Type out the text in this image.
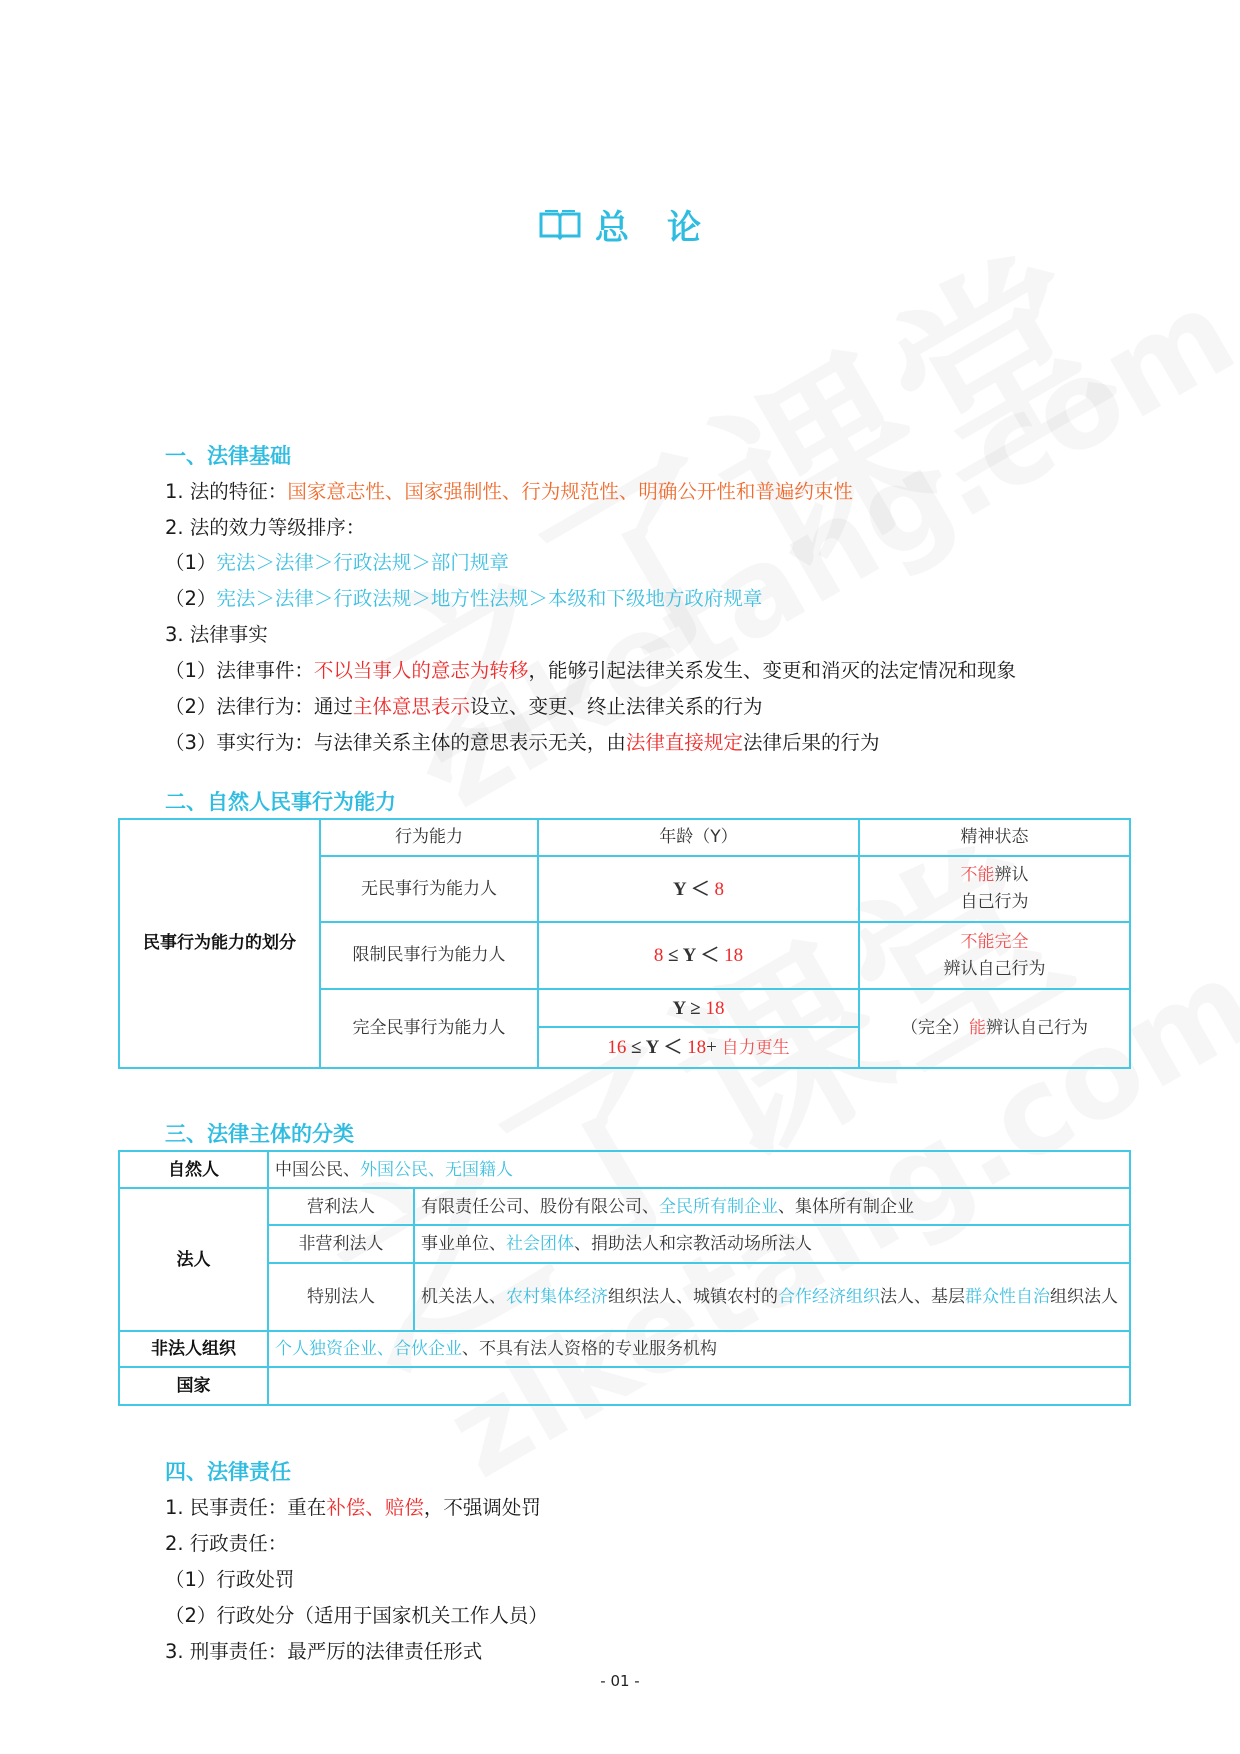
总论
一、法律基础
1. 法的特征：国家意志性、国家强制性、行为规范性、明确公开性和普遍约束性
2. 法的效力等级排序：
（1）宪法＞法律＞行政法规＞部门规章
（2）宪法＞法律＞行政法规＞地方性法规＞本级和下级地方政府规章
3. 法律事实
（1）法律事件：不以当事人的意志为转移，能够引起法律关系发生、变更和消灭的法定情况和现象
（2）法律行为：通过主体意思表示设立、变更、终止法律关系的行为
（3）事实行为：与法律关系主体的意思表示无关，由法律直接规定法律后果的行为
二、自然人民事行为能力
民事行为能力的划分	行为能力	年龄（Y）	精神状态
	无民事行为能力人	Y ＜ 8	不能辨认
自己行为
	限制民事行为能力人	8 ≤ Y ＜ 18	不能完全
辨认自己行为
	完全民事行为能力人	Y ≥ 18	（完全）能辨认自己行为
		16 ≤ Y ＜ 18+ 自力更生	
三、法律主体的分类
自然人	中国公民、外国公民、无国籍人	
法人	营利法人	有限责任公司、股份有限公司、全民所有制企业、集体所有制企业
	非营利法人	事业单位、社会团体、捐助法人和宗教活动场所法人
	特别法人	机关法人、农村集体经济组织法人、城镇农村的合作经济组织法人、基层群众性自治组织法人
非法人组织	个人独资企业、合伙企业、不具有法人资格的专业服务机构	
国家		
四、法律责任
1. 民事责任：重在补偿、赔偿，不强调处罚
2. 行政责任：
（1）行政处罚
（2）行政处分（适用于国家机关工作人员）
3. 刑事责任：最严厉的法律责任形式
- 01 -
